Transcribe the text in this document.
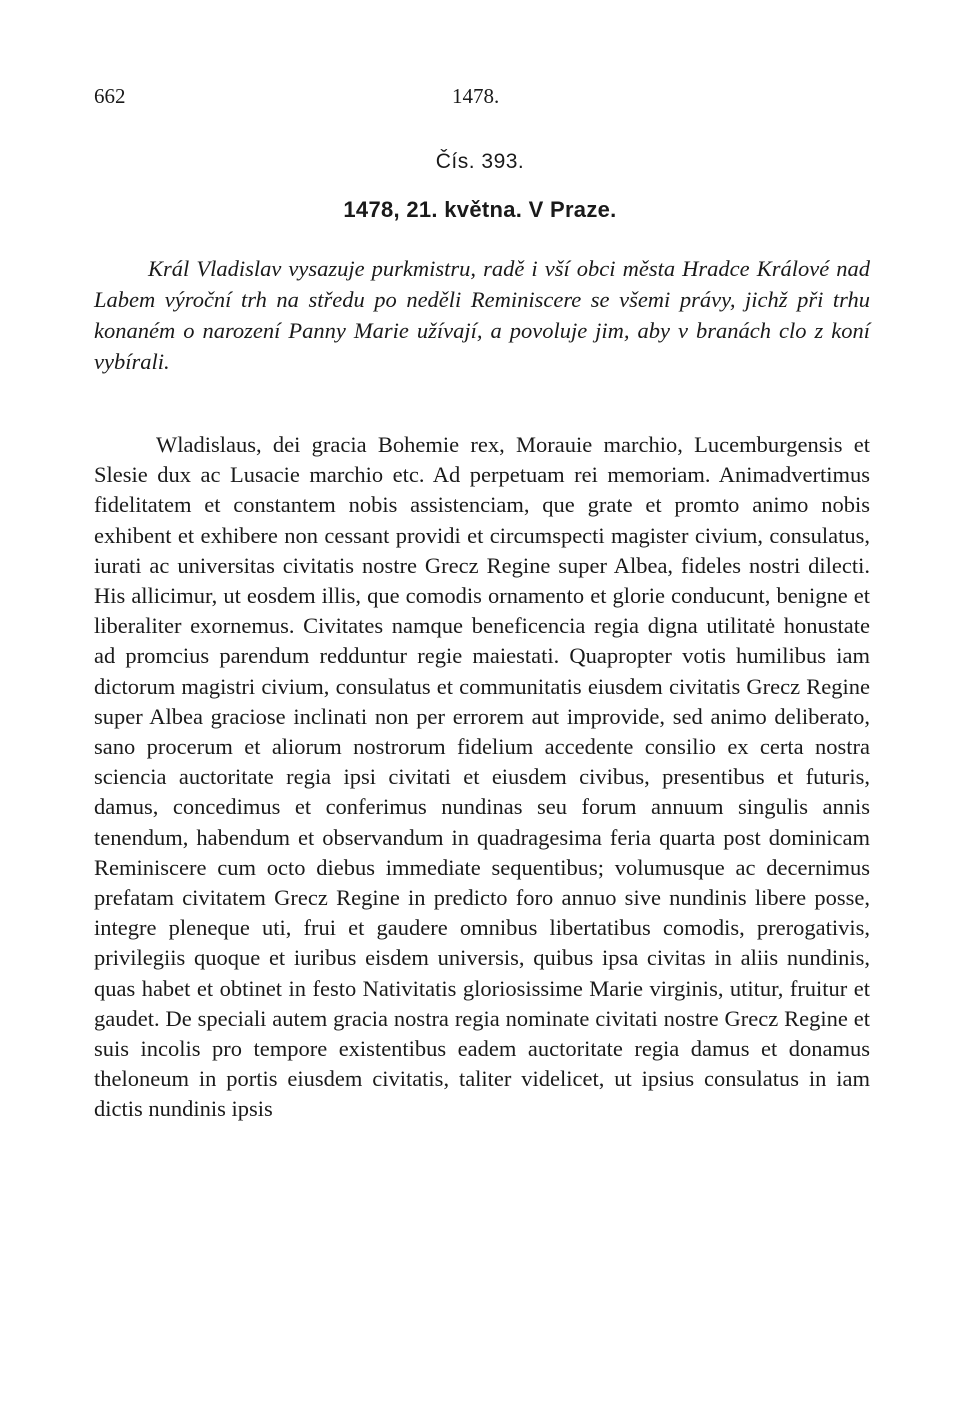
662	1478.
Čís. 393.
1478, 21. května. V Praze.

Král Vladislav vysazuje purkmistru, radě i vší obci města Hradce Králové nad Labem výroční trh na středu po neděli Reminiscere se všemi právy, jichž při trhu konaném o narození Panny Marie užívají, a povoluje jim, aby v branách clo z koní vybírali.

Wladislaus, dei gracia Bohemie rex, Morauie marchio, Lucemburgensis et Slesie dux ac Lusacie marchio etc. Ad perpetuam rei memoriam. Animadvertimus fidelitatem et constantem nobis assistenciam, que grate et promto animo nobis exhibent et exhibere non cessant providi et circumspecti magister civium, consulatus, iurati ac universitas civitatis nostre Grecz Regine super Albea, fideles nostri dilecti. His allicimur, ut eosdem illis, que comodis ornamento et glorie conducunt, benigne et liberaliter exornemus. Civitates namque beneficencia regia digna utilitatė honustate ad promcius parendum redduntur regie maiestati. Quapropter votis humilibus iam dictorum magistri civium, consulatus et communitatis eiusdem civitatis Grecz Regine super Albea graciose inclinati non per errorem aut improvide, sed animo deliberato, sano procerum et aliorum nostrorum fidelium accedente consilio ex certa nostra sciencia auctoritate regia ipsi civitati et eiusdem civibus, presentibus et futuris, damus, concedimus et conferimus nundinas seu forum annuum singulis annis tenendum, habendum et observandum in quadragesima feria quarta post dominicam Reminiscere cum octo diebus immediate sequentibus; volumusque ac decernimus prefatam civitatem Grecz Regine in predicto foro annuo sive nundinis libere posse, integre pleneque uti, frui et gaudere omnibus libertatibus comodis, prerogativis, privilegiis quoque et iuribus eisdem universis, quibus ipsa civitas in aliis nundinis, quas habet et obtinet in festo Nativitatis gloriosissime Marie virginis, utitur, fruitur et gaudet. De speciali autem gracia nostra regia nominate civitati nostre Grecz Regine et suis incolis pro tempore existentibus eadem auctoritate regia damus et donamus theloneum in portis eiusdem civitatis, taliter videlicet, ut ipsius consulatus in iam dictis nundinis ipsis
